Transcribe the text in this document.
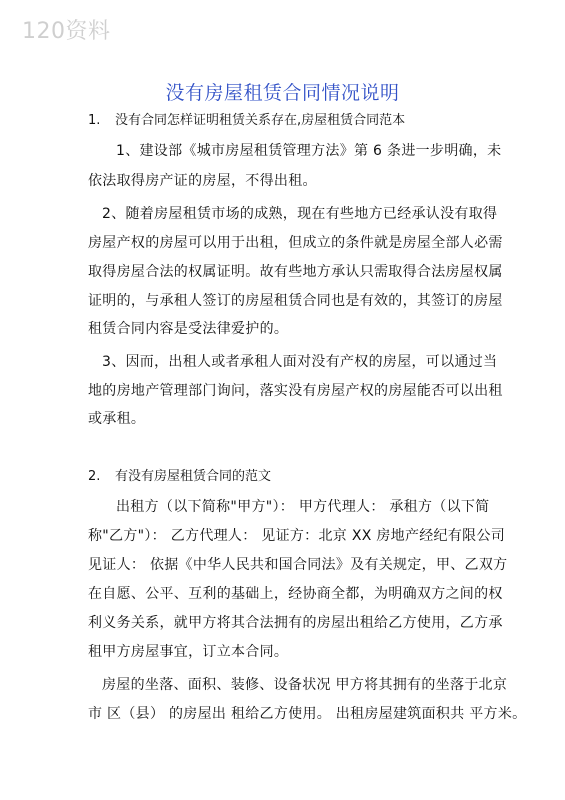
120资料
没有房屋租赁合同情况说明
1. 没有合同怎样证明租赁关系存在,房屋租赁合同范本
1、建设部《城市房屋租赁管理方法》第 6 条进一步明确，未
依法取得房产证的房屋，不得出租。
2、随着房屋租赁市场的成熟，现在有些地方已经承认没有取得
房屋产权的房屋可以用于出租，但成立的条件就是房屋全部人必需
取得房屋合法的权属证明。故有些地方承认只需取得合法房屋权属
证明的，与承租人签订的房屋租赁合同也是有效的，其签订的房屋
租赁合同内容是受法律爱护的。
3、因而，出租人或者承租人面对没有产权的房屋，可以通过当
地的房地产管理部门询问，落实没有房屋产权的房屋能否可以出租
或承租。
2. 有没有房屋租赁合同的范文
出租方（以下简称"甲方"）： 甲方代理人： 承租方（以下简
称"乙方"）： 乙方代理人： 见证方：北京 XX 房地产经纪有限公司
见证人： 依据《中华人民共和国合同法》及有关规定，甲、乙双方
在自愿、公平、互利的基础上，经协商全都，为明确双方之间的权
利义务关系，就甲方将其合法拥有的房屋出租给乙方使用，乙方承
租甲方房屋事宜，订立本合同。
房屋的坐落、面积、装修、设备状况 甲方将其拥有的坐落于北京
市 区（县） 的房屋出 租给乙方使用。 出租房屋建筑面积共 平方米。
